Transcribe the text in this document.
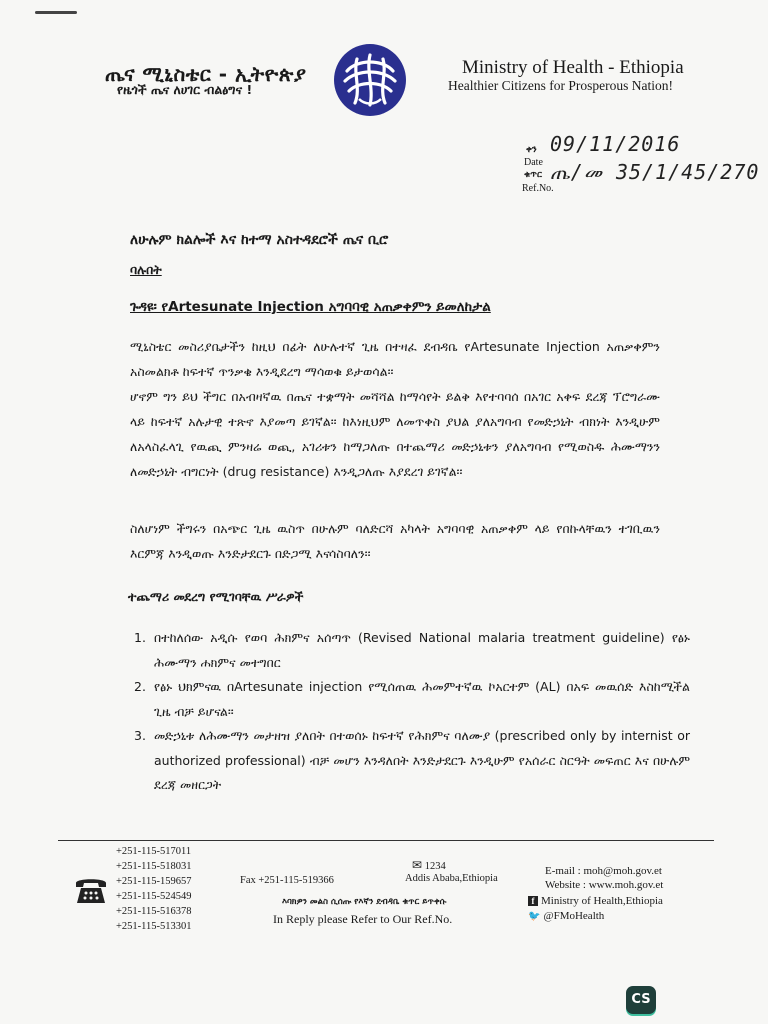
ጤና ሚኒስቴር - ኢትዮጵያ
የዜጎች ጤና ለሀገር ብልፅግና !
Ministry of Health - Ethiopia
Healthier Citizens for Prosperous Nation!
ቀን
Date
09/11/2016
ቁጥር
Ref.No.
ጤ/መ 35/1/45/270
ለሁሉም ክልሎች እና ከተማ አስተዳደሮች ጤና ቢሮ
ባሉበት
ጉዳዩ፡ የArtesunate Injection አግባባዊ አጠቃቀምን ይመለከታል
ሚኒስቴር መስሪያቤታችን ከዚህ በፊት ለሁሉተኛ ጊዜ በተዛፈ ደብዳቤ የArtesunate Injection አጠቃቀምን አስመልክቶ ከፍተኛ ጥንቃቄ እንዲደረግ ማሳወቁ ይታወሳል፡፡
ሆኖም ግን ይህ ችግር በአብዛኛዉ በጤና ተቋማት መሻሻል ከማሳየት ይልቅ እየተባባሰ በአገር አቀፍ ደረጃ ፕሮግራሙ ላይ ከፍተኛ አሉታዊ ተጽኖ እያመጣ ይገኛል፡፡ ከእነዚህም ለመጥቀስ ያህል ያለአግባብ የመድኃኒት ብክነት እንዲሁም ለአላስፈላጊ የዉጪ ምንዛሬ ወጪ, አገሪቱን ከማጋለጡ በተጨማሪ መድኃኒቱን ያለአግባብ የሚወስዱ ሕሙማንን ለመድኃኒት ብግርነት (drug resistance) እንዲጋለጡ እያደረገ ይገኛል፡፡
ስለሆነም ችግሩን በአጭር ጊዜ ዉስጥ በሁሉም ባለድርሻ አካላት አግባባዊ አጠቃቀም ላይ የበኩላቸዉን ተገቢዉን እርምጃ እንዲወጡ እንድታደርጉ በድጋሚ እናሳስባለን፡፡
ተጨማሪ መደረግ የሚገባቸዉ ሥራዎች
1. በተከለሰው አዲሱ የወባ ሕክምና አሰጣጥ (Revised National malaria treatment guideline) የፅኑ ሕሙማን ሐክምና መተግበር
2. የፅኑ ህክምናዉ በArtesunate injection የሚሰጠዉ ሕመምተኛዉ ኮአርተም (AL) በአፍ መዉሰድ እስከሚችል ጊዜ ብቻ ይሆናል፡፡
3. መድኃኒቱ ለሕሙማን መታዘዝ ያለበት በተወሰኑ ከፍተኛ የሕክምና ባለሙያ (prescribed only by internist or authorized professional) ብቻ መሆን እንዳለበት እንድታደርጉ እንዲሁም የአሰራር ስርዓት መፍጠር እና በሁሉም ደረጃ መዘርጋት
+251-115-517011
+251-115-518031
+251-115-159657
+251-115-524549
+251-115-516378
+251-115-513301
Fax +251-115-519366
✉ 1234
Addis Ababa,Ethiopia
እባክዎን መልስ ሲሰጡ የእኛን ደብዳቤ ቁጥር ይጥቀሱ
In Reply please Refer to Our Ref.No.
E-mail : moh@moh.gov.et
Website : www.moh.gov.et
f Ministry of Health,Ethiopia
🐦 @FMoHealth
CS
